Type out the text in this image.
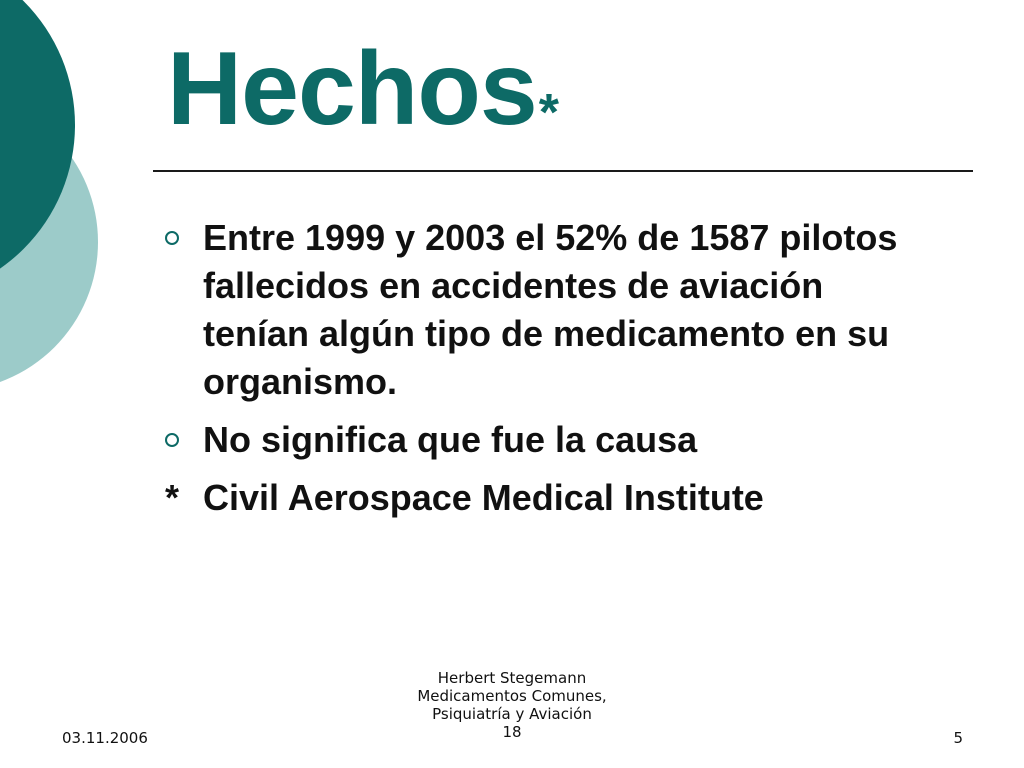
Hechos*
Entre 1999 y 2003 el 52% de 1587 pilotos fallecidos en accidentes de aviación tenían algún tipo de medicamento en su organismo.
No significa que fue la causa
* Civil Aerospace Medical Institute
03.11.2006
Herbert Stegemann
Medicamentos Comunes,
Psiquiatría y Aviación
18	5
